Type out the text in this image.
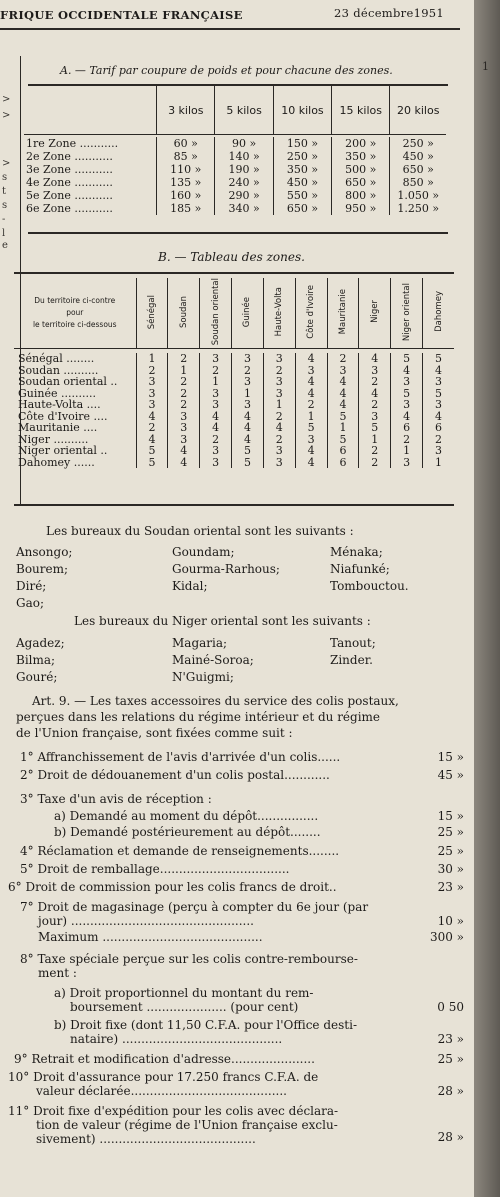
FRIQUE OCCIDENTALE FRANÇAISE	23 décembre1951
>
>
>
s
t
s
-
l
e
A. — Tarif par coupure de poids et pour chacune des zones.
	3 kilos	5 kilos	10 kilos	15 kilos	20 kilos

1re Zone ...........	60 »	90 »	150 »	200 »	250 »
2e Zone ...........	85 »	140 »	250 »	350 »	450 »
3e Zone ...........	110 »	190 »	350 »	500 »	650 »
4e Zone ...........	135 »	240 »	450 »	650 »	850 »
5e Zone ...........	160 »	290 »	550 »	800 »	1.050 »
6e Zone ...........	185 »	340 »	650 »	950 »	1.250 »
B. — Tableau des zones.
Du territoire ci-contre
pour
le territoire ci-dessous	Sénégal	Soudan	Soudan oriental	Guinée	Haute-Volta	Côte d'Ivoire	Mauritanie	Niger	Niger oriental	Dahomey

Sénégal ........	1	2	3	3	3	4	2	4	5	5
Soudan ..........	2	1	2	2	2	3	3	3	4	4
Soudan oriental ..	3	2	1	3	3	4	4	2	3	3
Guinée ..........	3	2	3	1	3	4	4	4	5	5
Haute-Volta ....	3	2	3	3	1	2	4	2	3	3
Côte d'Ivoire ....	4	3	4	4	2	1	5	3	4	4
Mauritanie ....	2	3	4	4	4	5	1	5	6	6
Niger ..........	4	3	2	4	2	3	5	1	2	2
Niger oriental ..	5	4	3	5	3	4	6	2	1	3
Dahomey ......	5	4	3	5	3	4	6	2	3	1
Les bureaux du Soudan oriental sont les suivants :
Ansongo;	Goundam;	Ménaka;
Bourem;	Gourma-Rarhous;	Niafunké;
Diré;	Kidal;	Tombouctou.
Gao;
Les bureaux du Niger oriental sont les suivants :
Agadez;	Magaria;	Tanout;
Bilma;	Mainé-Soroa;	Zinder.
Gouré;	N'Guigmi;
Art. 9. — Les taxes accessoires du service des colis postaux,
perçues dans les relations du régime intérieur et du régime
de l'Union française, sont fixées comme suit :
1° Affranchissement de l'avis d'arrivée d'un colis......	15 »
2° Droit de dédouanement d'un colis postal............	45 »
3° Taxe d'un avis de réception :
a) Demandé au moment du dépôt................	15 »
b) Demandé postérieurement au dépôt........	25 »
4° Réclamation et demande de renseignements........	25 »
5° Droit de remballage..................................	30 »
6° Droit de commission pour les colis francs de droit..	23 »
7° Droit de magasinage (perçu à compter du 6e jour (par
jour) ................................................	10 »
Maximum ..........................................	300 »
8° Taxe spéciale perçue sur les colis contre-rembourse-
ment :
a) Droit proportionnel du montant du rem-
boursement ..................... (pour cent)	0 50
b) Droit fixe (dont 11,50 C.F.A. pour l'Office desti-
nataire) ..........................................	23 »
9° Retrait et modification d'adresse......................	25 »
10° Droit d'assurance pour 17.250 francs C.F.A. de
valeur déclarée.........................................	28 »
11° Droit fixe d'expédition pour les colis avec déclara-
tion de valeur (régime de l'Union française exclu-
sivement) .........................................	28 »
1
